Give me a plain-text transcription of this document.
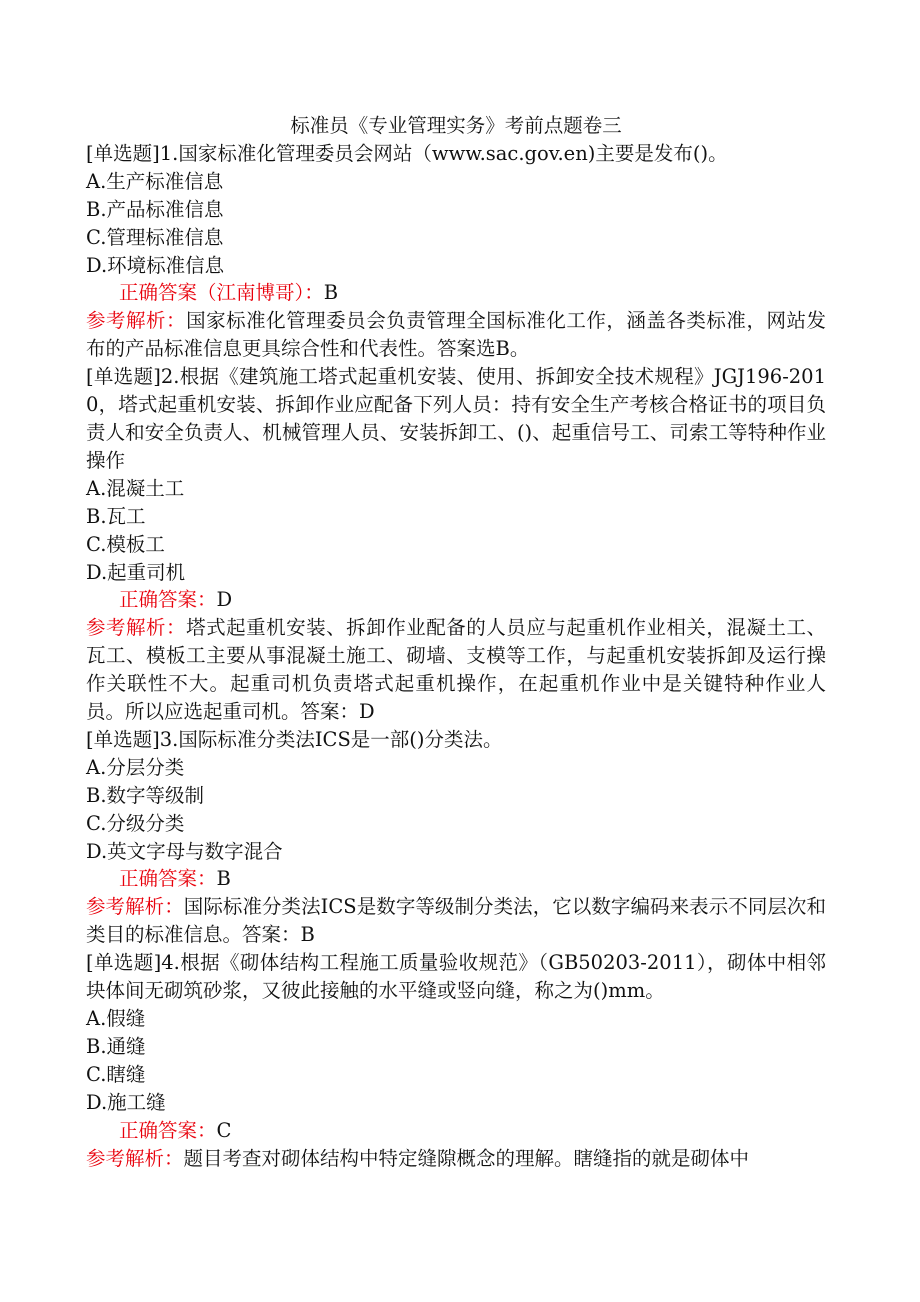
标准员《专业管理实务》考前点题卷三
[单选题]1.国家标准化管理委员会网站（www.sac.gov.en)主要是发布()。
A.生产标准信息
B.产品标准信息
C.管理标准信息
D.环境标准信息
正确答案（江南博哥）：B
参考解析：国家标准化管理委员会负责管理全国标准化工作，涵盖各类标准，网站发布的产品标准信息更具综合性和代表性。答案选B。
[单选题]2.根据《建筑施工塔式起重机安装、使用、拆卸安全技术规程》JGJ196-2010，塔式起重机安装、拆卸作业应配备下列人员：持有安全生产考核合格证书的项目负责人和安全负责人、机械管理人员、安装拆卸工、()、起重信号工、司索工等特种作业操作
A.混凝土工
B.瓦工
C.模板工
D.起重司机
正确答案：D
参考解析：塔式起重机安装、拆卸作业配备的人员应与起重机作业相关，混凝土工、瓦工、模板工主要从事混凝土施工、砌墙、支模等工作，与起重机安装拆卸及运行操作关联性不大。起重司机负责塔式起重机操作，在起重机作业中是关键特种作业人员。所以应选起重司机。答案：D
[单选题]3.国际标准分类法ICS是一部()分类法。
A.分层分类
B.数字等级制
C.分级分类
D.英文字母与数字混合
正确答案：B
参考解析：国际标准分类法ICS是数字等级制分类法，它以数字编码来表示不同层次和类目的标准信息。答案：B
[单选题]4.根据《砌体结构工程施工质量验收规范》（GB50203-2011），砌体中相邻块体间无砌筑砂浆，又彼此接触的水平缝或竖向缝，称之为()mm。
A.假缝
B.通缝
C.瞎缝
D.施工缝
正确答案：C
参考解析：题目考查对砌体结构中特定缝隙概念的理解。瞎缝指的就是砌体中
